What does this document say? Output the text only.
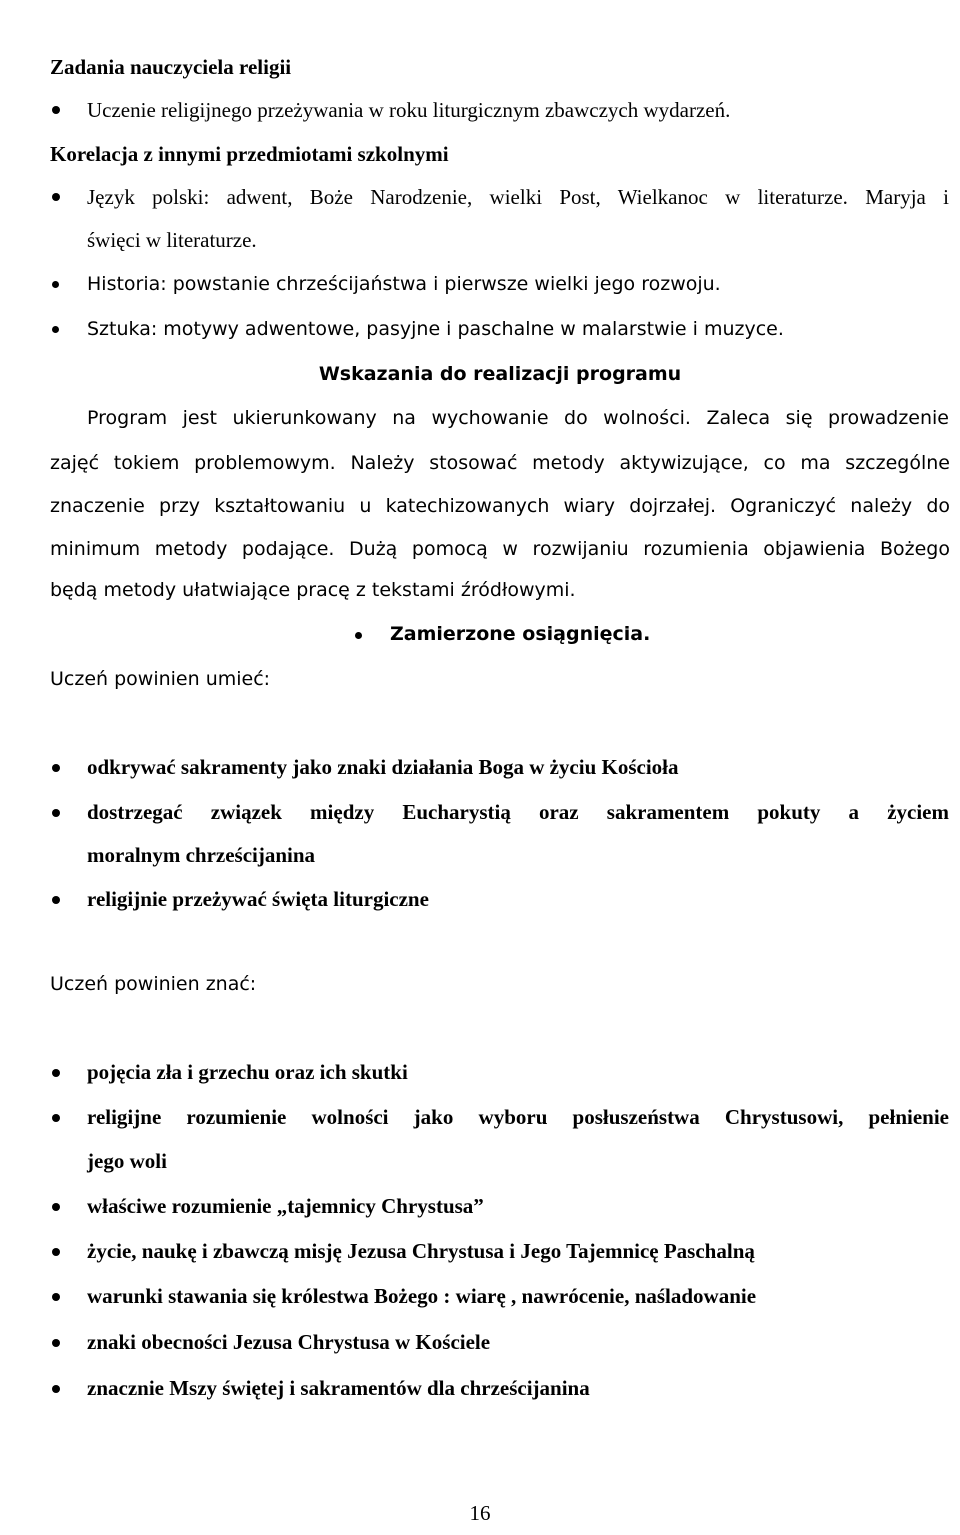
Zadania nauczyciela religii
Uczenie religijnego przeżywania w roku liturgicznym zbawczych wydarzeń.
Korelacja z innymi przedmiotami szkolnymi
Język polski: adwent, Boże Narodzenie, wielki Post, Wielkanoc w literaturze. Maryja i
święci w literaturze.
Historia: powstanie chrześcijaństwa i pierwsze wielki jego rozwoju.
Sztuka: motywy adwentowe, pasyjne i paschalne w malarstwie i muzyce.
Wskazania do realizacji programu
Program jest ukierunkowany na wychowanie do wolności. Zaleca się prowadzenie
zajęć tokiem problemowym. Należy stosować metody aktywizujące, co ma szczególne
znaczenie przy kształtowaniu u katechizowanych wiary dojrzałej. Ograniczyć należy do
minimum metody podające. Dużą pomocą w rozwijaniu rozumienia objawienia Bożego
będą metody ułatwiające pracę z tekstami źródłowymi.
Zamierzone osiągnięcia.
Uczeń powinien umieć:
odkrywać sakramenty jako znaki działania Boga w życiu Kościoła
dostrzegać związek między Eucharystią oraz sakramentem pokuty a życiem
moralnym chrześcijanina
religijnie przeżywać święta liturgiczne
Uczeń powinien znać:
pojęcia zła i grzechu oraz ich skutki
religijne rozumienie wolności jako wyboru posłuszeństwa Chrystusowi, pełnienie
jego woli
właściwe rozumienie „tajemnicy Chrystusa”
życie, naukę i zbawczą misję Jezusa Chrystusa i Jego Tajemnicę Paschalną
warunki stawania się królestwa Bożego : wiarę , nawrócenie, naśladowanie
znaki obecności Jezusa Chrystusa w Kościele
znacznie Mszy świętej i sakramentów dla chrześcijanina
16
